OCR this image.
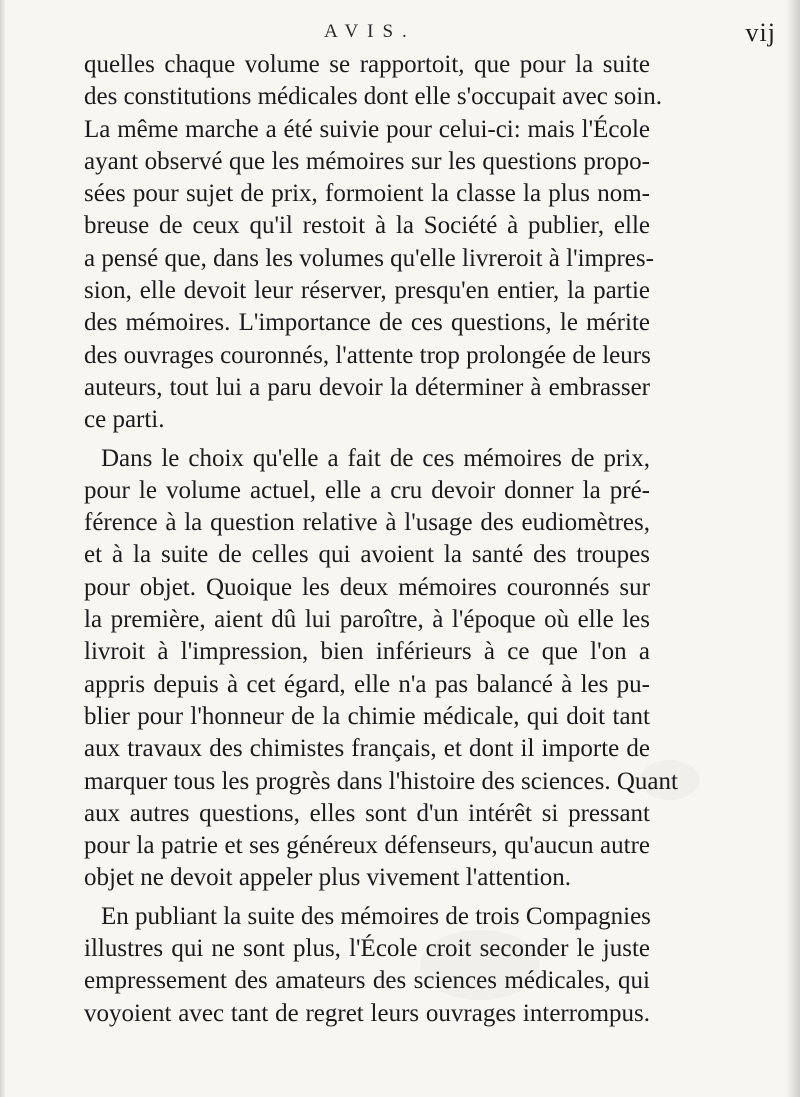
AVIS.	vij
quelles chaque volume se rapportoit, que pour la suite
des constitutions médicales dont elle s'occupait avec soin.
La même marche a été suivie pour celui-ci: mais l'École
ayant observé que les mémoires sur les questions propo-
sées pour sujet de prix, formoient la classe la plus nom-
breuse de ceux qu'il restoit à la Société à publier, elle
a pensé que, dans les volumes qu'elle livreroit à l'impres-
sion, elle devoit leur réserver, presqu'en entier, la partie
des mémoires. L'importance de ces questions, le mérite
des ouvrages couronnés, l'attente trop prolongée de leurs
auteurs, tout lui a paru devoir la déterminer à embrasser
ce parti.
Dans le choix qu'elle a fait de ces mémoires de prix,
pour le volume actuel, elle a cru devoir donner la pré-
férence à la question relative à l'usage des eudiomètres,
et à la suite de celles qui avoient la santé des troupes
pour objet. Quoique les deux mémoires couronnés sur
la première, aient dû lui paroître, à l'époque où elle les
livroit à l'impression, bien inférieurs à ce que l'on a
appris depuis à cet égard, elle n'a pas balancé à les pu-
blier pour l'honneur de la chimie médicale, qui doit tant
aux travaux des chimistes français, et dont il importe de
marquer tous les progrès dans l'histoire des sciences. Quant
aux autres questions, elles sont d'un intérêt si pressant
pour la patrie et ses généreux défenseurs, qu'aucun autre
objet ne devoit appeler plus vivement l'attention.
En publiant la suite des mémoires de trois Compagnies
illustres qui ne sont plus, l'École croit seconder le juste
empressement des amateurs des sciences médicales, qui
voyoient avec tant de regret leurs ouvrages interrompus.
